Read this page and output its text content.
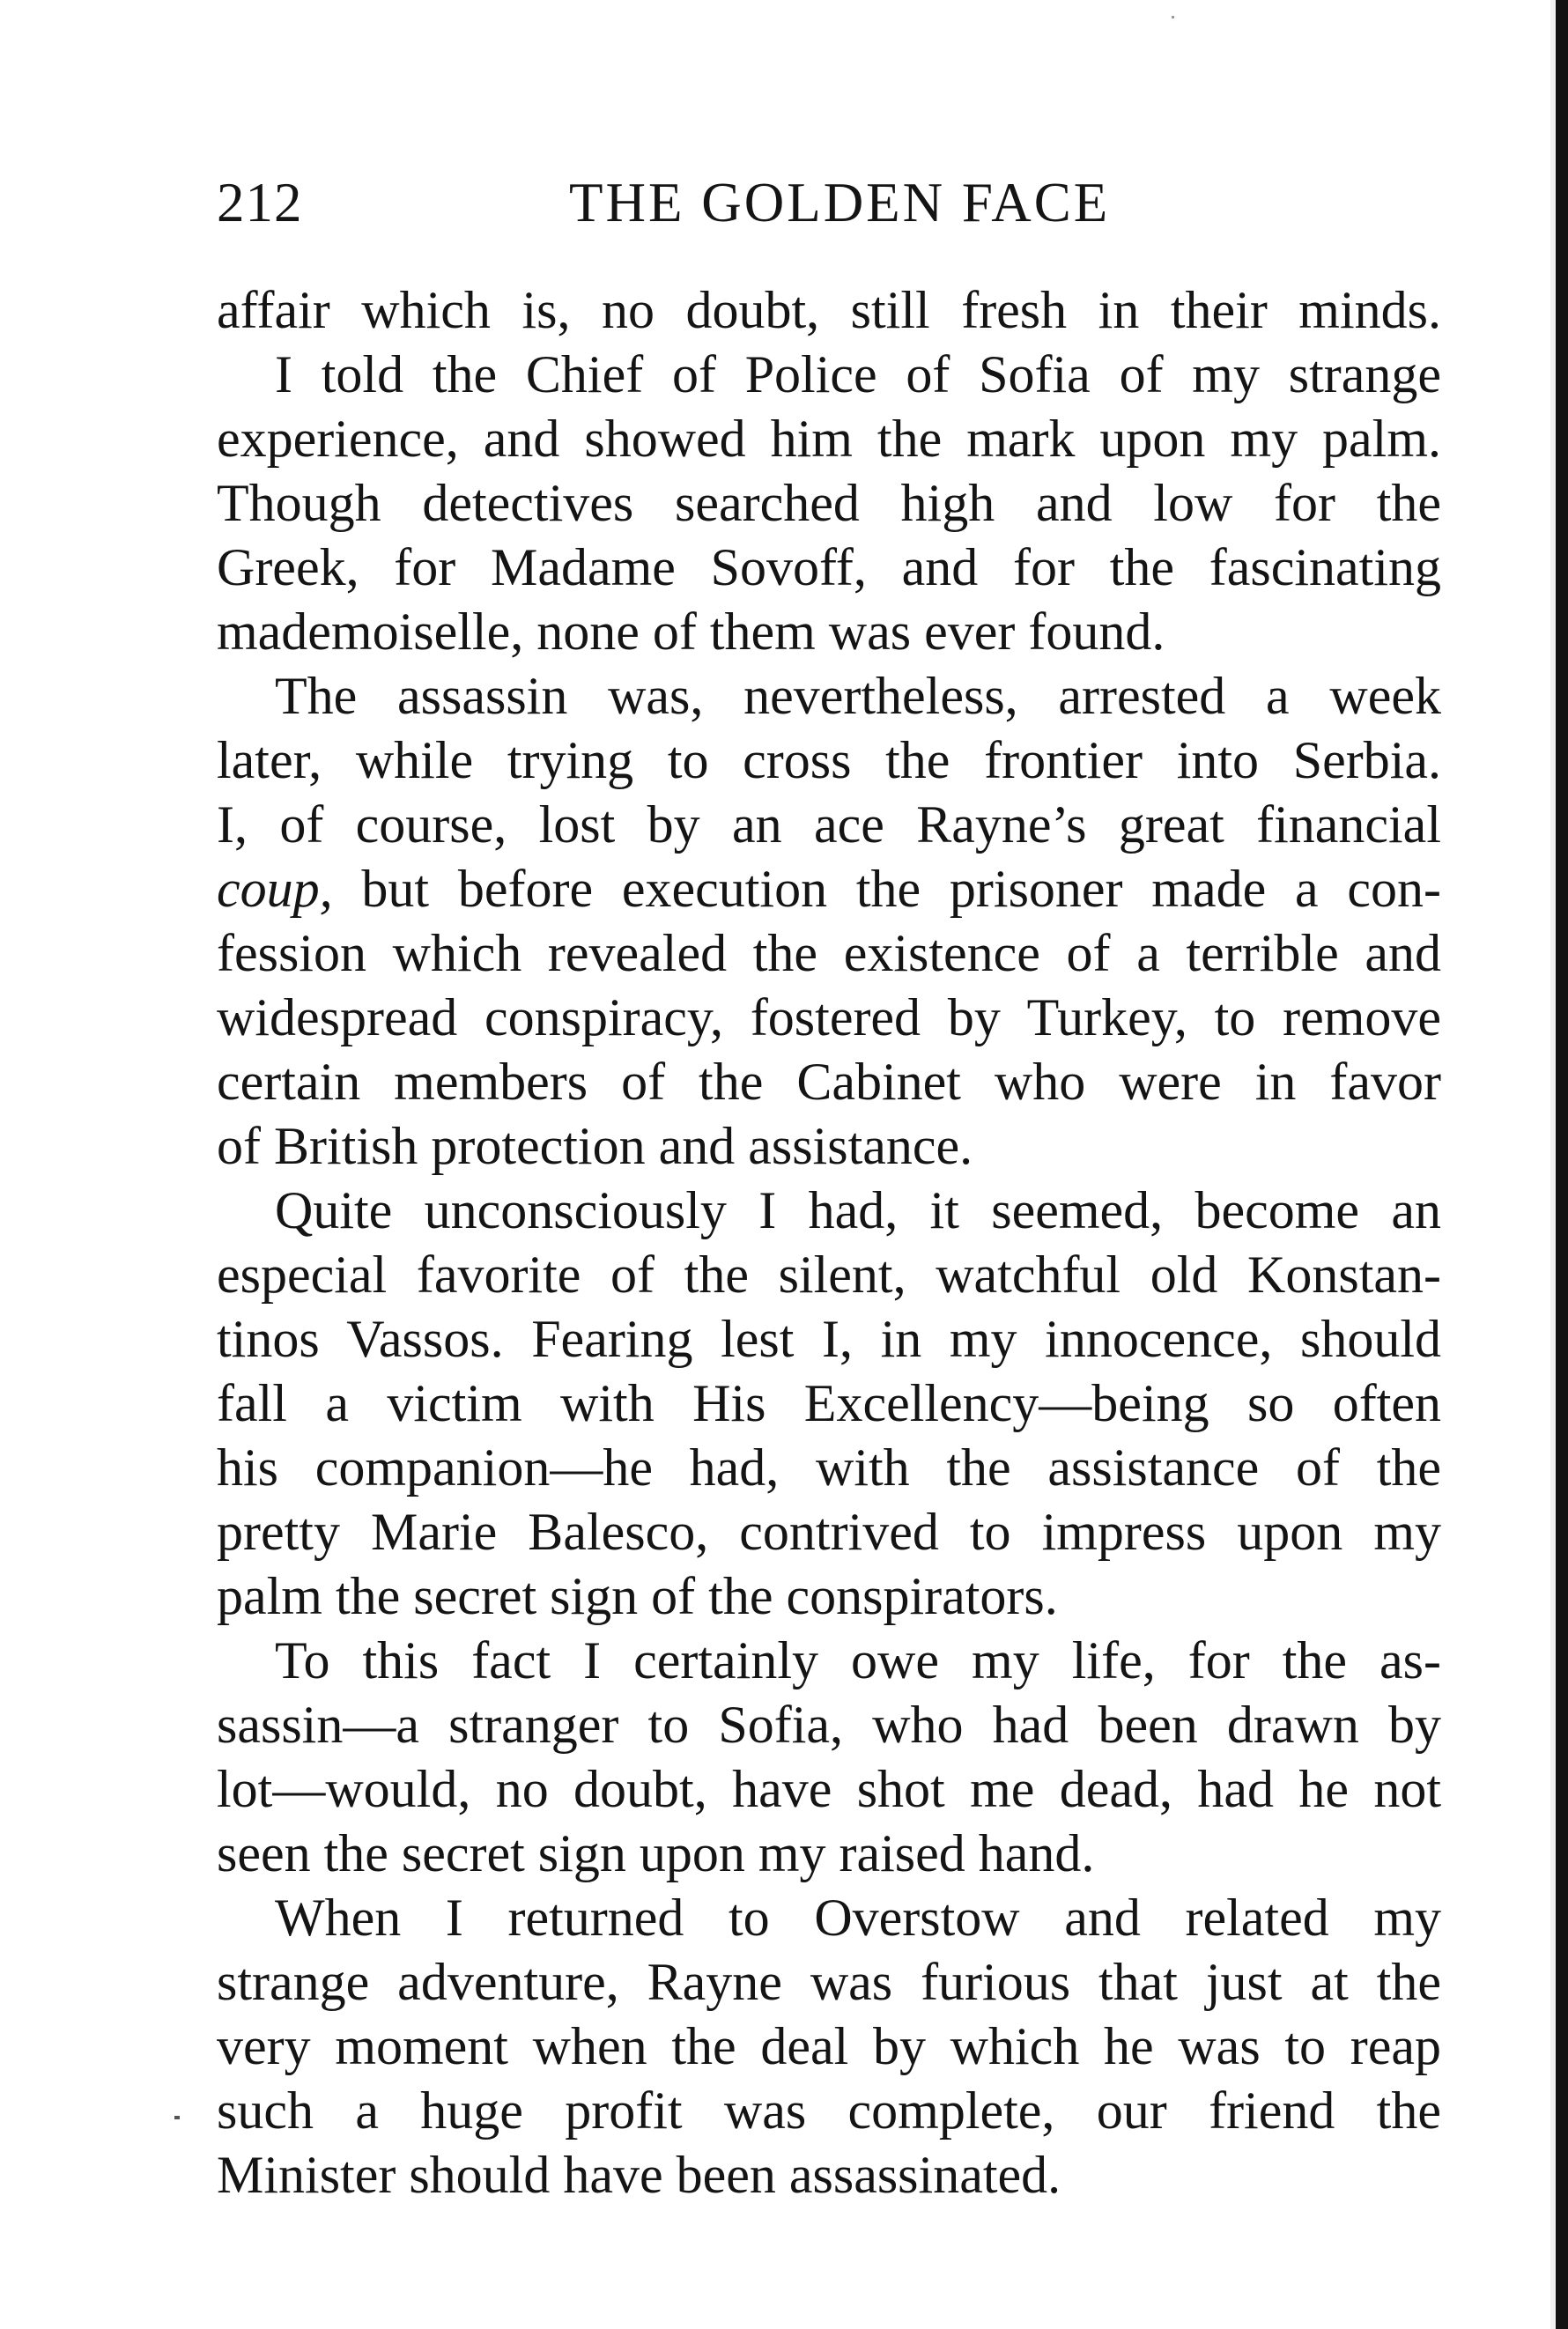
212	THE GOLDEN FACE
affair which is, no doubt, still fresh in their minds.
I told the Chief of Police of Sofia of my strange
experience, and showed him the mark upon my palm.
Though detectives searched high and low for the
Greek, for Madame Sovoff, and for the fascinating
mademoiselle, none of them was ever found.
The assassin was, nevertheless, arrested a week
later, while trying to cross the frontier into Serbia.
I, of course, lost by an ace Rayne’s great financial
coup, but before execution the prisoner made a con-
fession which revealed the existence of a terrible and
widespread conspiracy, fostered by Turkey, to remove
certain members of the Cabinet who were in favor
of British protection and assistance.
Quite unconsciously I had, it seemed, become an
especial favorite of the silent, watchful old Konstan-
tinos Vassos. Fearing lest I, in my innocence, should
fall a victim with His Excellency—being so often
his companion—he had, with the assistance of the
pretty Marie Balesco, contrived to impress upon my
palm the secret sign of the conspirators.
To this fact I certainly owe my life, for the as-
sassin—a stranger to Sofia, who had been drawn by
lot—would, no doubt, have shot me dead, had he not
seen the secret sign upon my raised hand.
When I returned to Overstow and related my
strange adventure, Rayne was furious that just at the
very moment when the deal by which he was to reap
such a huge profit was complete, our friend the
Minister should have been assassinated.
